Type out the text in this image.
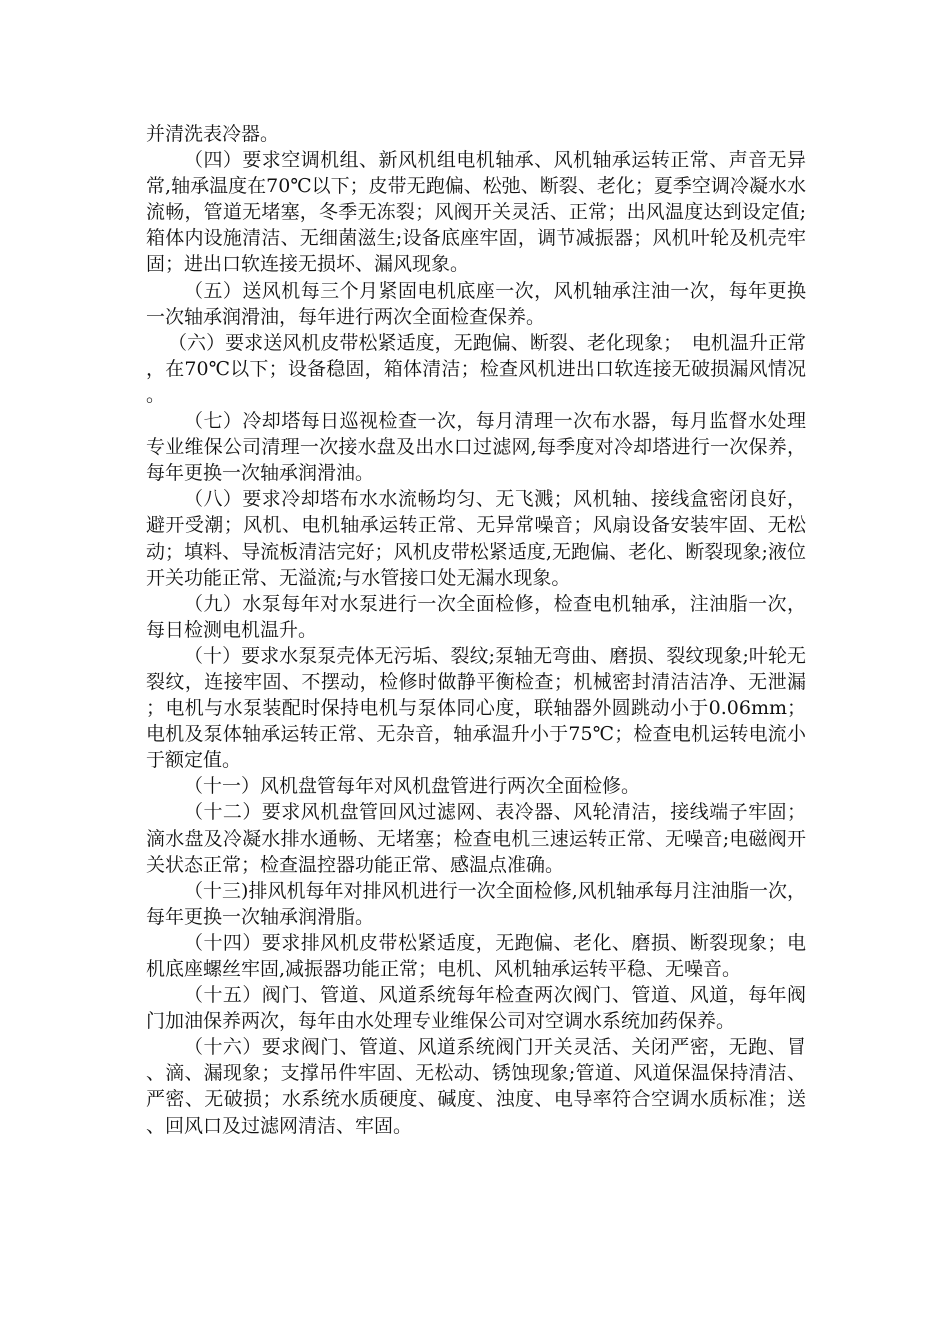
并清洗表冷器。

（四）要求空调机组、新风机组电机轴承、风机轴承运转正常、声音无异常,轴承温度在70℃以下；皮带无跑偏、松弛、断裂、老化；夏季空调冷凝水水流畅，管道无堵塞，冬季无冻裂；风阀开关灵活、正常；出风温度达到设定值;箱体内设施清洁、无细菌滋生;设备底座牢固，调节减振器；风机叶轮及机壳牢固；进出口软连接无损坏、漏风现象。

（五）送风机每三个月紧固电机底座一次，风机轴承注油一次，每年更换一次轴承润滑油，每年进行两次全面检查保养。

（六）要求送风机皮带松紧适度，无跑偏、断裂、老化现象；　电机温升正常，在70℃以下；设备稳固，箱体清洁；检查风机进出口软连接无破损漏风情况。

（七）冷却塔每日巡视检查一次，每月清理一次布水器，每月监督水处理专业维保公司清理一次接水盘及出水口过滤网,每季度对冷却塔进行一次保养，每年更换一次轴承润滑油。

（八）要求冷却塔布水水流畅均匀、无飞溅；风机轴、接线盒密闭良好，避开受潮；风机、电机轴承运转正常、无异常噪音；风扇设备安装牢固、无松动；填料、导流板清洁完好；风机皮带松紧适度,无跑偏、老化、断裂现象;液位开关功能正常、无溢流;与水管接口处无漏水现象。

（九）水泵每年对水泵进行一次全面检修，检查电机轴承，注油脂一次，每日检测电机温升。

（十）要求水泵泵壳体无污垢、裂纹;泵轴无弯曲、磨损、裂纹现象;叶轮无裂纹，连接牢固、不摆动，检修时做静平衡检查；机械密封清洁洁净、无泄漏；电机与水泵装配时保持电机与泵体同心度，联轴器外圆跳动小于0.06mm；电机及泵体轴承运转正常、无杂音，轴承温升小于75℃；检查电机运转电流小于额定值。

（十一）风机盘管每年对风机盘管进行两次全面检修。

（十二）要求风机盘管回风过滤网、表冷器、风轮清洁，接线端子牢固；滴水盘及冷凝水排水通畅、无堵塞；检查电机三速运转正常、无噪音;电磁阀开关状态正常；检查温控器功能正常、感温点准确。

（十三)排风机每年对排风机进行一次全面检修,风机轴承每月注油脂一次，每年更换一次轴承润滑脂。

（十四）要求排风机皮带松紧适度，无跑偏、老化、磨损、断裂现象；电机底座螺丝牢固,减振器功能正常；电机、风机轴承运转平稳、无噪音。

（十五）阀门、管道、风道系统每年检查两次阀门、管道、风道，每年阀门加油保养两次，每年由水处理专业维保公司对空调水系统加药保养。

（十六）要求阀门、管道、风道系统阀门开关灵活、关闭严密，无跑、冒、滴、漏现象；支撑吊件牢固、无松动、锈蚀现象;管道、风道保温保持清洁、严密、无破损；水系统水质硬度、碱度、浊度、电导率符合空调水质标准；送、回风口及过滤网清洁、牢固。
